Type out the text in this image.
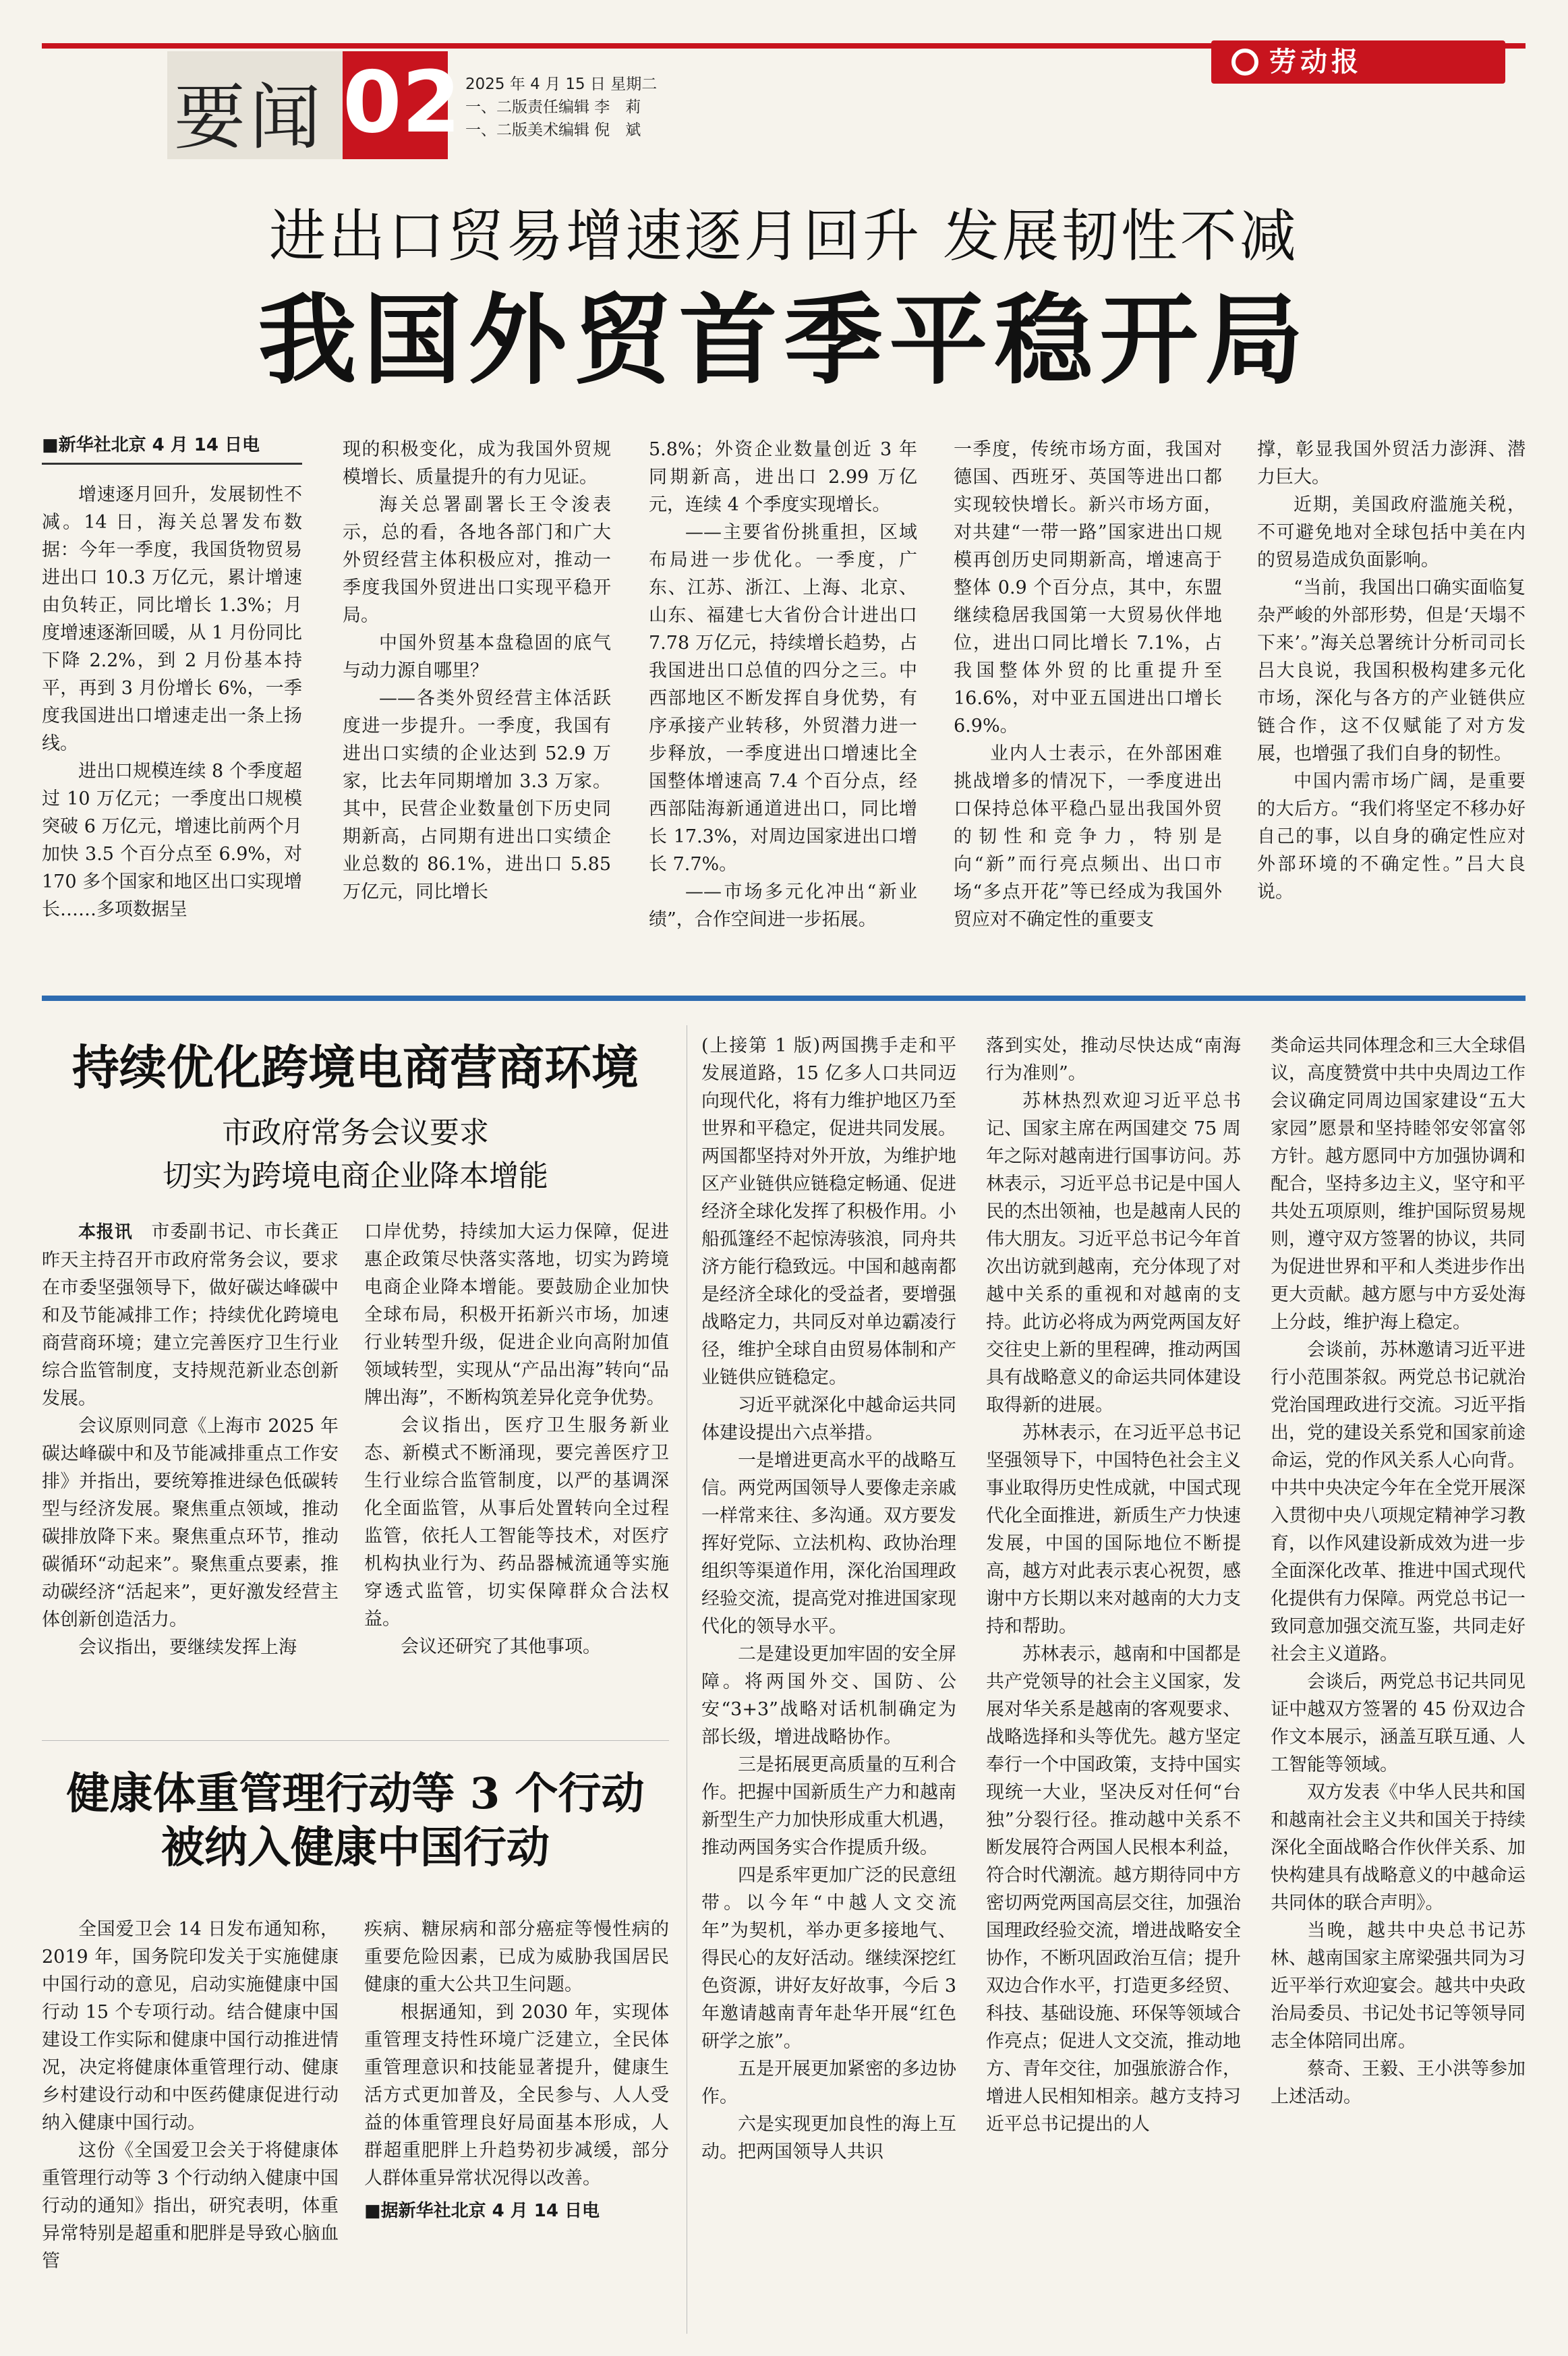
要闻 02 2025 年 4 月 15 日 星期二
一、二版责任编辑 李　莉
一、二版美术编辑 倪　斌
劳动报
进出口贸易增速逐月回升 发展韧性不减
我国外贸首季平稳开局
■新华社北京 4 月 14 日电

增速逐月回升，发展韧性不减。14 日，海关总署发布数据：今年一季度，我国货物贸易进出口 10.3 万亿元，累计增速由负转正，同比增长 1.3%；月度增速逐渐回暖，从 1 月份同比下降 2.2%，到 2 月份基本持平，再到 3 月份增长 6%，一季度我国进出口增速走出一条上扬线。

进出口规模连续 8 个季度超过 10 万亿元；一季度出口规模突破 6 万亿元，增速比前两个月加快 3.5 个百分点至 6.9%，对 170 多个国家和地区出口实现增长……多项数据呈

现的积极变化，成为我国外贸规模增长、质量提升的有力见证。

海关总署副署长王令浚表示，总的看，各地各部门和广大外贸经营主体积极应对，推动一季度我国外贸进出口实现平稳开局。

中国外贸基本盘稳固的底气与动力源自哪里？

——各类外贸经营主体活跃度进一步提升。一季度，我国有进出口实绩的企业达到 52.9 万家，比去年同期增加 3.3 万家。其中，民营企业数量创下历史同期新高，占同期有进出口实绩企业总数的 86.1%，进出口 5.85 万亿元，同比增长

5.8%；外资企业数量创近 3 年同期新高，进出口 2.99 万亿元，连续 4 个季度实现增长。

——主要省份挑重担，区域布局进一步优化。一季度，广东、江苏、浙江、上海、北京、山东、福建七大省份合计进出口 7.78 万亿元，持续增长趋势，占我国进出口总值的四分之三。中西部地区不断发挥自身优势，有序承接产业转移，外贸潜力进一步释放，一季度进出口增速比全国整体增速高 7.4 个百分点，经西部陆海新通道进出口，同比增长 17.3%，对周边国家进出口增长 7.7%。

——市场多元化冲出“新业绩”，合作空间进一步拓展。

一季度，传统市场方面，我国对德国、西班牙、英国等进出口都实现较快增长。新兴市场方面，对共建“一带一路”国家进出口规模再创历史同期新高，增速高于整体 0.9 个百分点，其中，东盟继续稳居我国第一大贸易伙伴地位，进出口同比增长 7.1%，占我国整体外贸的比重提升至 16.6%，对中亚五国进出口增长 6.9%。

业内人士表示，在外部困难挑战增多的情况下，一季度进出口保持总体平稳凸显出我国外贸的韧性和竞争力，特别是向“新”而行亮点频出、出口市场“多点开花”等已经成为我国外贸应对不确定性的重要支

撑，彰显我国外贸活力澎湃、潜力巨大。

近期，美国政府滥施关税，不可避免地对全球包括中美在内的贸易造成负面影响。

“当前，我国出口确实面临复杂严峻的外部形势，但是‘天塌不下来’。”海关总署统计分析司司长吕大良说，我国积极构建多元化市场，深化与各方的产业链供应链合作，这不仅赋能了对方发展，也增强了我们自身的韧性。

中国内需市场广阔，是重要的大后方。“我们将坚定不移办好自己的事，以自身的确定性应对外部环境的不确定性。”吕大良说。

持续优化跨境电商营商环境
市政府常务会议要求
切实为跨境电商企业降本增能

本报讯　 市委副书记、市长龚正昨天主持召开市政府常务会议，要求在市委坚强领导下，做好碳达峰碳中和及节能减排工作；持续优化跨境电商营商环境；建立完善医疗卫生行业综合监管制度，支持规范新业态创新发展。

会议原则同意《上海市 2025 年碳达峰碳中和及节能减排重点工作安排》并指出，要统筹推进绿色低碳转型与经济发展。聚焦重点领域，推动碳排放降下来。聚焦重点环节，推动碳循环“动起来”。聚焦重点要素，推动碳经济“活起来”，更好激发经营主体创新创造活力。

会议指出，要继续发挥上海

口岸优势，持续加大运力保障，促进惠企政策尽快落实落地，切实为跨境电商企业降本增能。要鼓励企业加快全球布局，积极开拓新兴市场，加速行业转型升级，促进企业向高附加值领域转型，实现从“产品出海”转向“品牌出海”，不断构筑差异化竞争优势。

会议指出，医疗卫生服务新业态、新模式不断涌现，要完善医疗卫生行业综合监管制度，以严的基调深化全面监管，从事后处置转向全过程监管，依托人工智能等技术，对医疗机构执业行为、药品器械流通等实施穿透式监管，切实保障群众合法权益。

会议还研究了其他事项。

健康体重管理行动等 3 个行动
被纳入健康中国行动

全国爱卫会 14 日发布通知称，2019 年，国务院印发关于实施健康中国行动的意见，启动实施健康中国行动 15 个专项行动。结合健康中国建设工作实际和健康中国行动推进情况，决定将健康体重管理行动、健康乡村建设行动和中医药健康促进行动纳入健康中国行动。

这份《全国爱卫会关于将健康体重管理行动等 3 个行动纳入健康中国行动的通知》指出，研究表明，体重异常特别是超重和肥胖是导致心脑血管

疾病、糖尿病和部分癌症等慢性病的重要危险因素，已成为威胁我国居民健康的重大公共卫生问题。

根据通知，到 2030 年，实现体重管理支持性环境广泛建立，全民体重管理意识和技能显著提升，健康生活方式更加普及，全民参与、人人受益的体重管理良好局面基本形成，人群超重肥胖上升趋势初步减缓，部分人群体重异常状况得以改善。

■据新华社北京 4 月 14 日电

(上接第 1 版)两国携手走和平发展道路，15 亿多人口共同迈向现代化，将有力维护地区乃至世界和平稳定，促进共同发展。两国都坚持对外开放，为维护地区产业链供应链稳定畅通、促进经济全球化发挥了积极作用。小船孤篷经不起惊涛骇浪，同舟共济方能行稳致远。中国和越南都是经济全球化的受益者，要增强战略定力，共同反对单边霸凌行径，维护全球自由贸易体制和产业链供应链稳定。

习近平就深化中越命运共同体建设提出六点举措。

一是增进更高水平的战略互信。两党两国领导人要像走亲戚一样常来往、多沟通。双方要发挥好党际、立法机构、政协治理组织等渠道作用，深化治国理政经验交流，提高党对推进国家现代化的领导水平。

二是建设更加牢固的安全屏障。将两国外交、国防、公安“3+3”战略对话机制确定为部长级，增进战略协作。

三是拓展更高质量的互利合作。把握中国新质生产力和越南新型生产力加快形成重大机遇，推动两国务实合作提质升级。

四是系牢更加广泛的民意纽带。以今年“中越人文交流年”为契机，举办更多接地气、得民心的友好活动。继续深挖红色资源，讲好友好故事，今后 3 年邀请越南青年赴华开展“红色研学之旅”。

五是开展更加紧密的多边协作。

六是实现更加良性的海上互动。把两国领导人共识

落到实处，推动尽快达成“南海行为准则”。

苏林热烈欢迎习近平总书记、国家主席在两国建交 75 周年之际对越南进行国事访问。苏林表示，习近平总书记是中国人民的杰出领袖，也是越南人民的伟大朋友。习近平总书记今年首次出访就到越南，充分体现了对越中关系的重视和对越南的支持。此访必将成为两党两国友好交往史上新的里程碑，推动两国具有战略意义的命运共同体建设取得新的进展。

苏林表示，在习近平总书记坚强领导下，中国特色社会主义事业取得历史性成就，中国式现代化全面推进，新质生产力快速发展，中国的国际地位不断提高，越方对此表示衷心祝贺，感谢中方长期以来对越南的大力支持和帮助。

苏林表示，越南和中国都是共产党领导的社会主义国家，发展对华关系是越南的客观要求、战略选择和头等优先。越方坚定奉行一个中国政策，支持中国实现统一大业，坚决反对任何“台独”分裂行径。推动越中关系不断发展符合两国人民根本利益，符合时代潮流。越方期待同中方密切两党两国高层交往，加强治国理政经验交流，增进战略安全协作，不断巩固政治互信；提升双边合作水平，打造更多经贸、科技、基础设施、环保等领域合作亮点；促进人文交流，推动地方、青年交往，加强旅游合作，增进人民相知相亲。越方支持习近平总书记提出的人

类命运共同体理念和三大全球倡议，高度赞赏中共中央周边工作会议确定同周边国家建设“五大家园”愿景和坚持睦邻安邻富邻方针。越方愿同中方加强协调和配合，坚持多边主义，坚守和平共处五项原则，维护国际贸易规则，遵守双方签署的协议，共同为促进世界和平和人类进步作出更大贡献。越方愿与中方妥处海上分歧，维护海上稳定。

会谈前，苏林邀请习近平进行小范围茶叙。两党总书记就治党治国理政进行交流。习近平指出，党的建设关系党和国家前途命运，党的作风关系人心向背。中共中央决定今年在全党开展深入贯彻中央八项规定精神学习教育，以作风建设新成效为进一步全面深化改革、推进中国式现代化提供有力保障。两党总书记一致同意加强交流互鉴，共同走好社会主义道路。

会谈后，两党总书记共同见证中越双方签署的 45 份双边合作文本展示，涵盖互联互通、人工智能等领域。

双方发表《中华人民共和国和越南社会主义共和国关于持续深化全面战略合作伙伴关系、加快构建具有战略意义的中越命运共同体的联合声明》。

当晚，越共中央总书记苏林、越南国家主席梁强共同为习近平举行欢迎宴会。越共中央政治局委员、书记处书记等领导同志全体陪同出席。

蔡奇、王毅、王小洪等参加上述活动。
